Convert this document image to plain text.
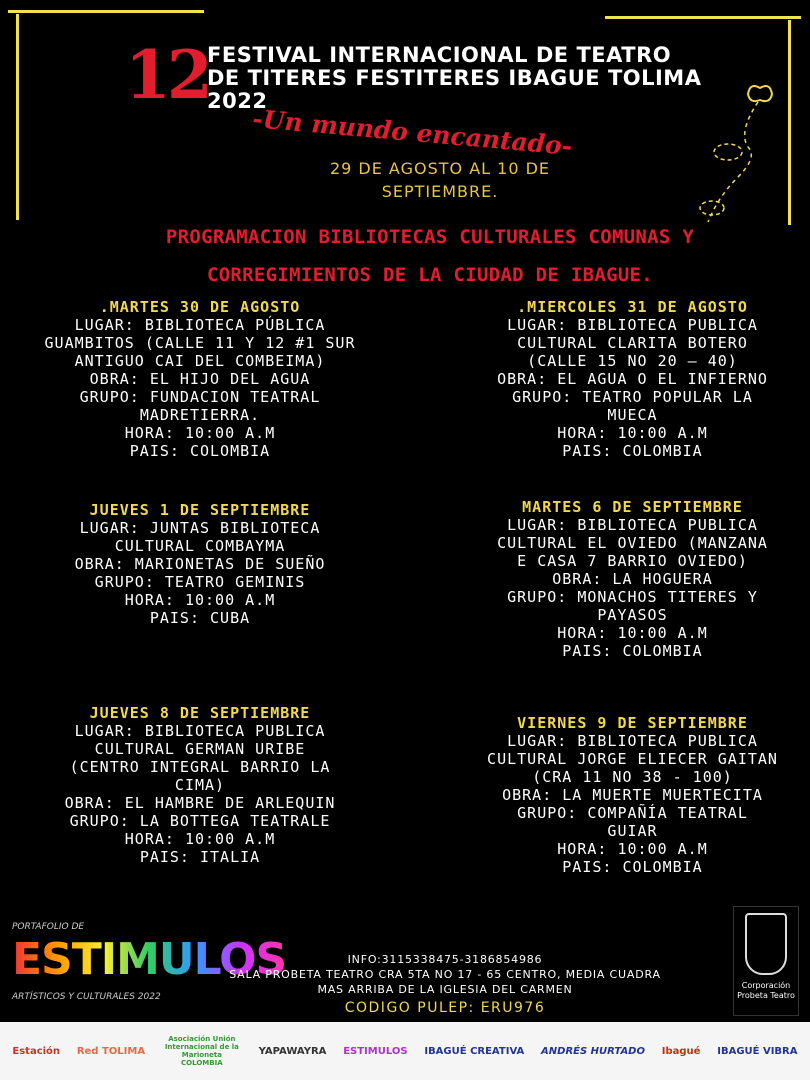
12
FESTIVAL INTERNACIONAL DE TEATRO
DE TITERES FESTITERES IBAGUE TOLIMA
2022
-Un mundo encantado-
29 DE AGOSTO AL 10 DE SEPTIEMBRE.
PROGRAMACION BIBLIOTECAS CULTURALES COMUNAS Y CORREGIMIENTOS DE LA CIUDAD DE IBAGUE.
.MARTES 30 DE AGOSTO

LUGAR: BIBLIOTECA PÚBLICA
GUAMBITOS (CALLE 11 Y 12 #1 SUR
ANTIGUO CAI DEL COMBEIMA)
OBRA: EL HIJO DEL AGUA
GRUPO: FUNDACION TEATRAL
MADRETIERRA.
HORA: 10:00 A.M
PAIS: COLOMBIA

.MIERCOLES 31 DE AGOSTO

LUGAR: BIBLIOTECA PUBLICA
CULTURAL CLARITA BOTERO
(CALLE 15 NO 20 – 40)
OBRA: EL AGUA O EL INFIERNO
GRUPO: TEATRO POPULAR LA
MUECA
HORA: 10:00 A.M
PAIS: COLOMBIA

JUEVES 1 DE SEPTIEMBRE

LUGAR: JUNTAS BIBLIOTECA
CULTURAL COMBAYMA
OBRA: MARIONETAS DE SUEÑO
GRUPO: TEATRO GEMINIS
HORA: 10:00 A.M
PAIS: CUBA

MARTES 6 DE SEPTIEMBRE

LUGAR: BIBLIOTECA PUBLICA
CULTURAL EL OVIEDO (MANZANA
E CASA 7 BARRIO OVIEDO)
OBRA: LA HOGUERA
GRUPO: MONACHOS TITERES Y
PAYASOS
HORA: 10:00 A.M
PAIS: COLOMBIA

JUEVES 8 DE SEPTIEMBRE

LUGAR: BIBLIOTECA PUBLICA
CULTURAL GERMAN URIBE
(CENTRO INTEGRAL BARRIO LA
CIMA)
OBRA: EL HAMBRE DE ARLEQUIN
GRUPO: LA BOTTEGA TEATRALE
HORA: 10:00 A.M
PAIS: ITALIA

VIERNES 9 DE SEPTIEMBRE

LUGAR: BIBLIOTECA PUBLICA
CULTURAL JORGE ELIECER GAITAN
(CRA 11 NO 38 - 100)
OBRA: LA MUERTE MUERTECITA
GRUPO: COMPAÑÍA TEATRAL
GUIAR
HORA: 10:00 A.M
PAIS: COLOMBIA

PORTAFOLIO DE
ESTIMULOS
ARTÍSTICOS Y CULTURALES 2022
INFO:3115338475-3186854986
SALA PROBETA TEATRO CRA 5TA NO 17 - 65 CENTRO, MEDIA CUADRA
MAS ARRIBA DE LA IGLESIA DEL CARMEN
CODIGO PULEP: ERU976
Corporación
Probeta Teatro
Estación Red TOLIMA
Asociación Unión Internacional de la Marioneta COLOMBIA
YAPAWAYRA ESTIMULOS IBAGUÉ CREATIVA ANDRÉS HURTADO Ibagué IBAGUÉ VIBRA
